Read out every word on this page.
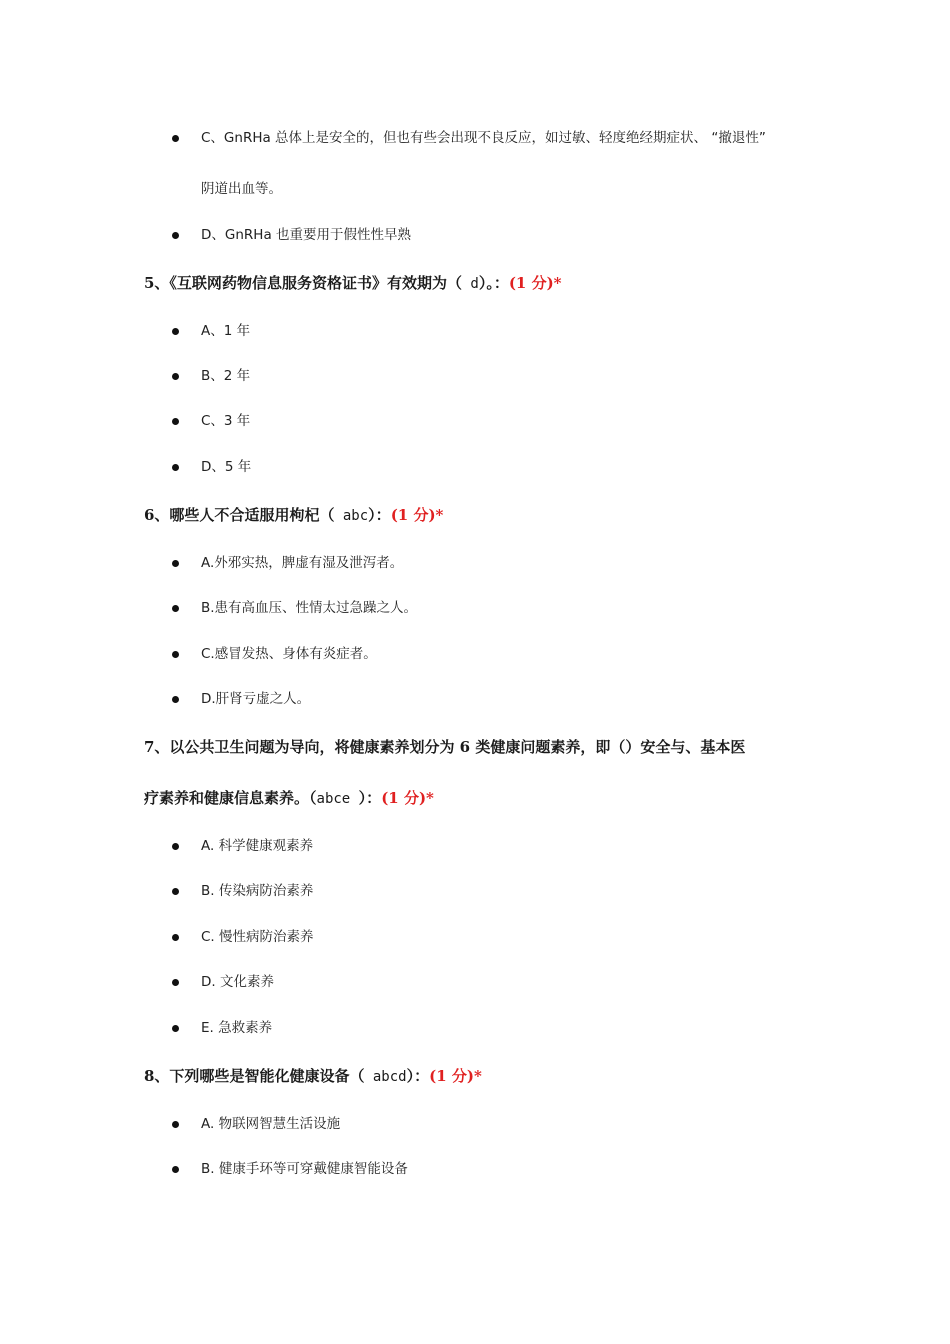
C、GnRHa 总体上是安全的，但也有些会出现不良反应，如过敏、轻度绝经期症状、 “撤退性”
阴道出血等。
D、GnRHa 也重要用于假性性早熟
5、《互联网药物信息服务资格证书》有效期为（ d）。：(1 分)*
A、1 年
B、2 年
C、3 年
D、5 年
6、哪些人不合适服用枸杞（ abc）：(1 分)*
A.外邪实热，脾虚有湿及泄泻者。
B.患有高血压、性情太过急躁之人。
C.感冒发热、身体有炎症者。
D.肝肾亏虚之人。
7、以公共卫生问题为导向，将健康素养划分为 6 类健康问题素养，即（）安全与、基本医
疗素养和健康信息素养。（abce ）：(1 分)*
A. 科学健康观素养
B. 传染病防治素养
C. 慢性病防治素养
D. 文化素养
E. 急救素养
8、下列哪些是智能化健康设备（ abcd）：(1 分)*
A. 物联网智慧生活设施
B. 健康手环等可穿戴健康智能设备
